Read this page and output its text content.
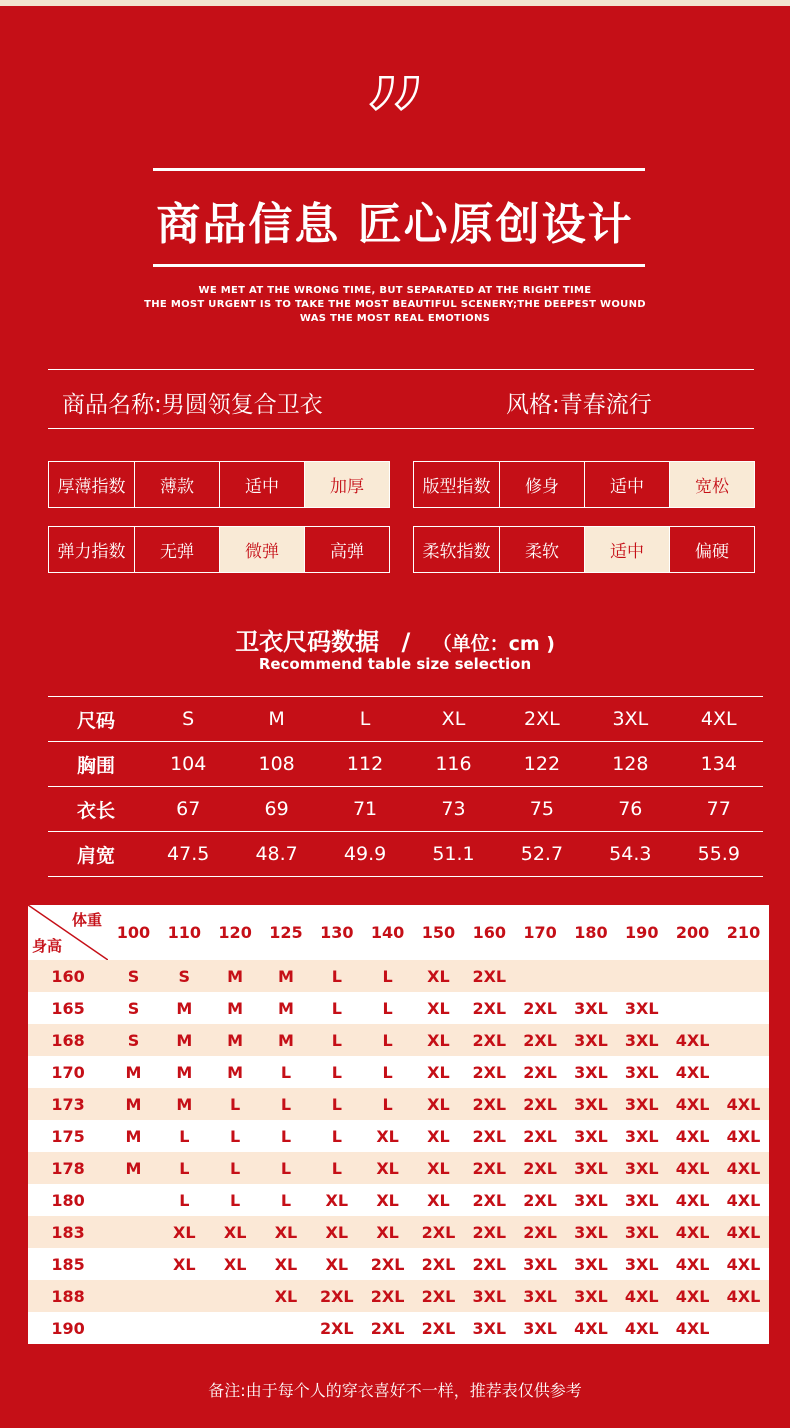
”
商品信息 匠心原创设计
WE MET AT THE WRONG TIME, BUT SEPARATED AT THE RIGHT TIME
THE MOST URGENT IS TO TAKE THE MOST BEAUTIFUL SCENERY;THE DEEPEST WOUND
WAS THE MOST REAL EMOTIONS
商品名称:男圆领复合卫衣	风格:青春流行
厚薄指数	薄款	适中	加厚	版型指数	修身	适中	宽松
弹力指数	无弹	微弹	高弹	柔软指数	柔软	适中	偏硬
卫衣尺码数据 / （单位：cm )
Recommend table size selection
尺码	S	M	L	XL	2XL	3XL	4XL
胸围	104	108	112	116	122	128	134
衣长	67	69	71	73	75	76	77
肩宽	47.5	48.7	49.9	51.1	52.7	54.3	55.9
体重
身高	100	110	120	125	130	140	150	160	170	180	190	200	210
160	S	S	M	M	L	L	XL	2XL					
165	S	M	M	M	L	L	XL	2XL	2XL	3XL	3XL		
168	S	M	M	M	L	L	XL	2XL	2XL	3XL	3XL	4XL	
170	M	M	M	L	L	L	XL	2XL	2XL	3XL	3XL	4XL	
173	M	M	L	L	L	L	XL	2XL	2XL	3XL	3XL	4XL	4XL
175	M	L	L	L	L	XL	XL	2XL	2XL	3XL	3XL	4XL	4XL
178	M	L	L	L	L	XL	XL	2XL	2XL	3XL	3XL	4XL	4XL
180		L	L	L	XL	XL	XL	2XL	2XL	3XL	3XL	4XL	4XL
183		XL	XL	XL	XL	XL	2XL	2XL	2XL	3XL	3XL	4XL	4XL
185		XL	XL	XL	XL	2XL	2XL	2XL	3XL	3XL	3XL	4XL	4XL
188				XL	2XL	2XL	2XL	3XL	3XL	3XL	4XL	4XL	4XL
190					2XL	2XL	2XL	3XL	3XL	4XL	4XL	4XL	
备注:由于每个人的穿衣喜好不一样，推荐表仅供参考
